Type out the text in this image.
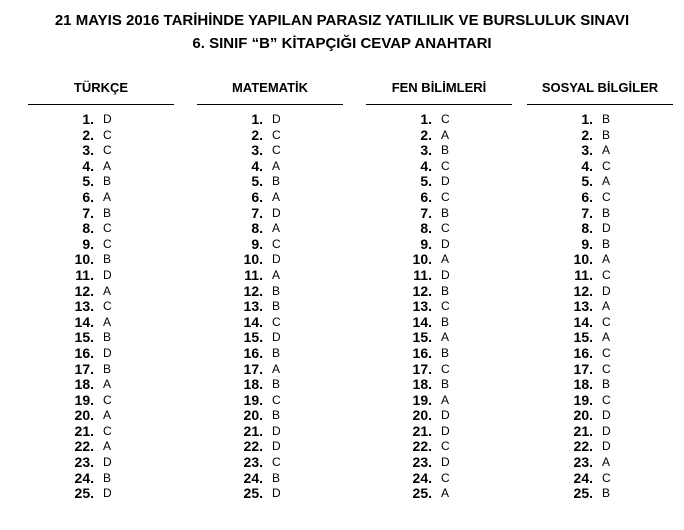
21 MAYIS 2016 TARİHİNDE YAPILAN PARASIZ YATILILIK VE BURSLULUK SINAVI
6. SINIF “B” KİTAPÇIĞI CEVAP ANAHTARI
TÜRKÇE
1. D
2. C
3. C
4. A
5. B
6. A
7. B
8. C
9. C
10. B
11. D
12. A
13. C
14. A
15. B
16. D
17. B
18. A
19. C
20. A
21. C
22. A
23. D
24. B
25. D
MATEMATİK
1. D
2. C
3. C
4. A
5. B
6. A
7. D
8. A
9. C
10. D
11. A
12. B
13. B
14. C
15. D
16. B
17. A
18. B
19. C
20. B
21. D
22. D
23. C
24. B
25. D
FEN BİLİMLERİ
1. C
2. A
3. B
4. C
5. D
6. C
7. B
8. C
9. D
10. A
11. D
12. B
13. C
14. B
15. A
16. B
17. C
18. B
19. A
20. D
21. D
22. C
23. D
24. C
25. A
SOSYAL BİLGİLER
1. B
2. B
3. A
4. C
5. A
6. C
7. B
8. D
9. B
10. A
11. C
12. D
13. A
14. C
15. A
16. C
17. C
18. B
19. C
20. D
21. D
22. D
23. A
24. C
25. B
